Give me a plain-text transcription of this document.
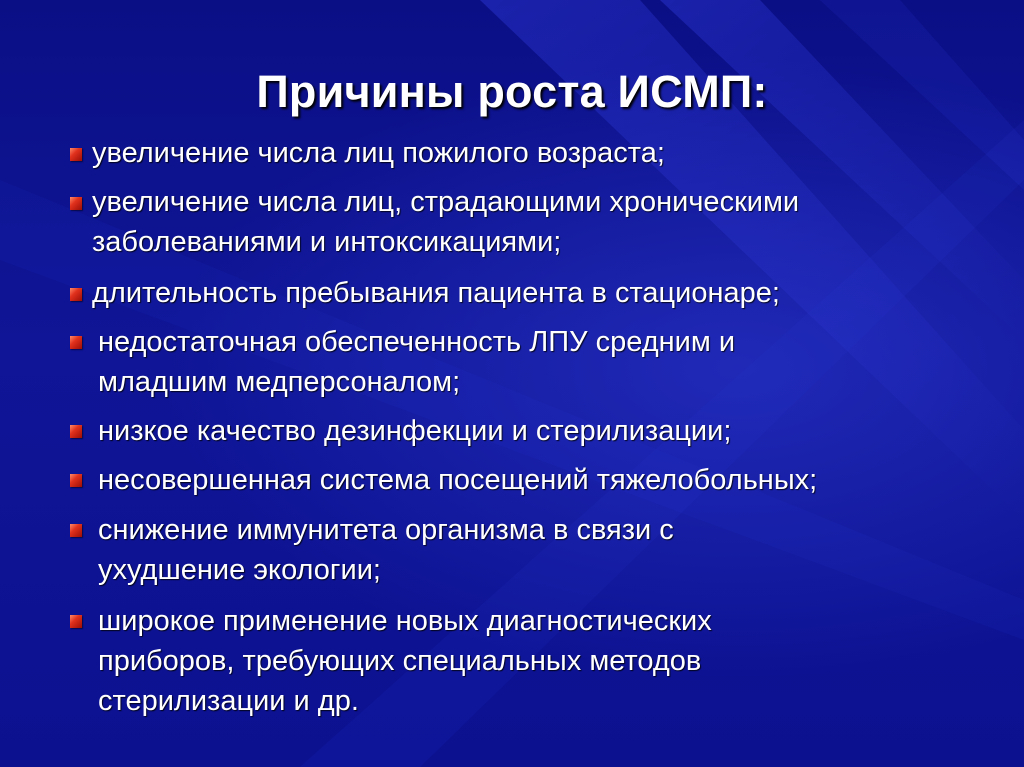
Причины роста ИСМП:
увеличение числа лиц пожилого возраста;
увеличение числа лиц, страдающими хроническими
заболеваниями и интоксикациями;
длительность пребывания пациента в стационаре;
недостаточная обеспеченность ЛПУ средним и
младшим медперсоналом;
низкое качество дезинфекции и стерилизации;
несовершенная система посещений тяжелобольных;
снижение иммунитета организма в связи с
ухудшение экологии;
широкое применение новых диагностических
приборов, требующих специальных методов
стерилизации и др.
